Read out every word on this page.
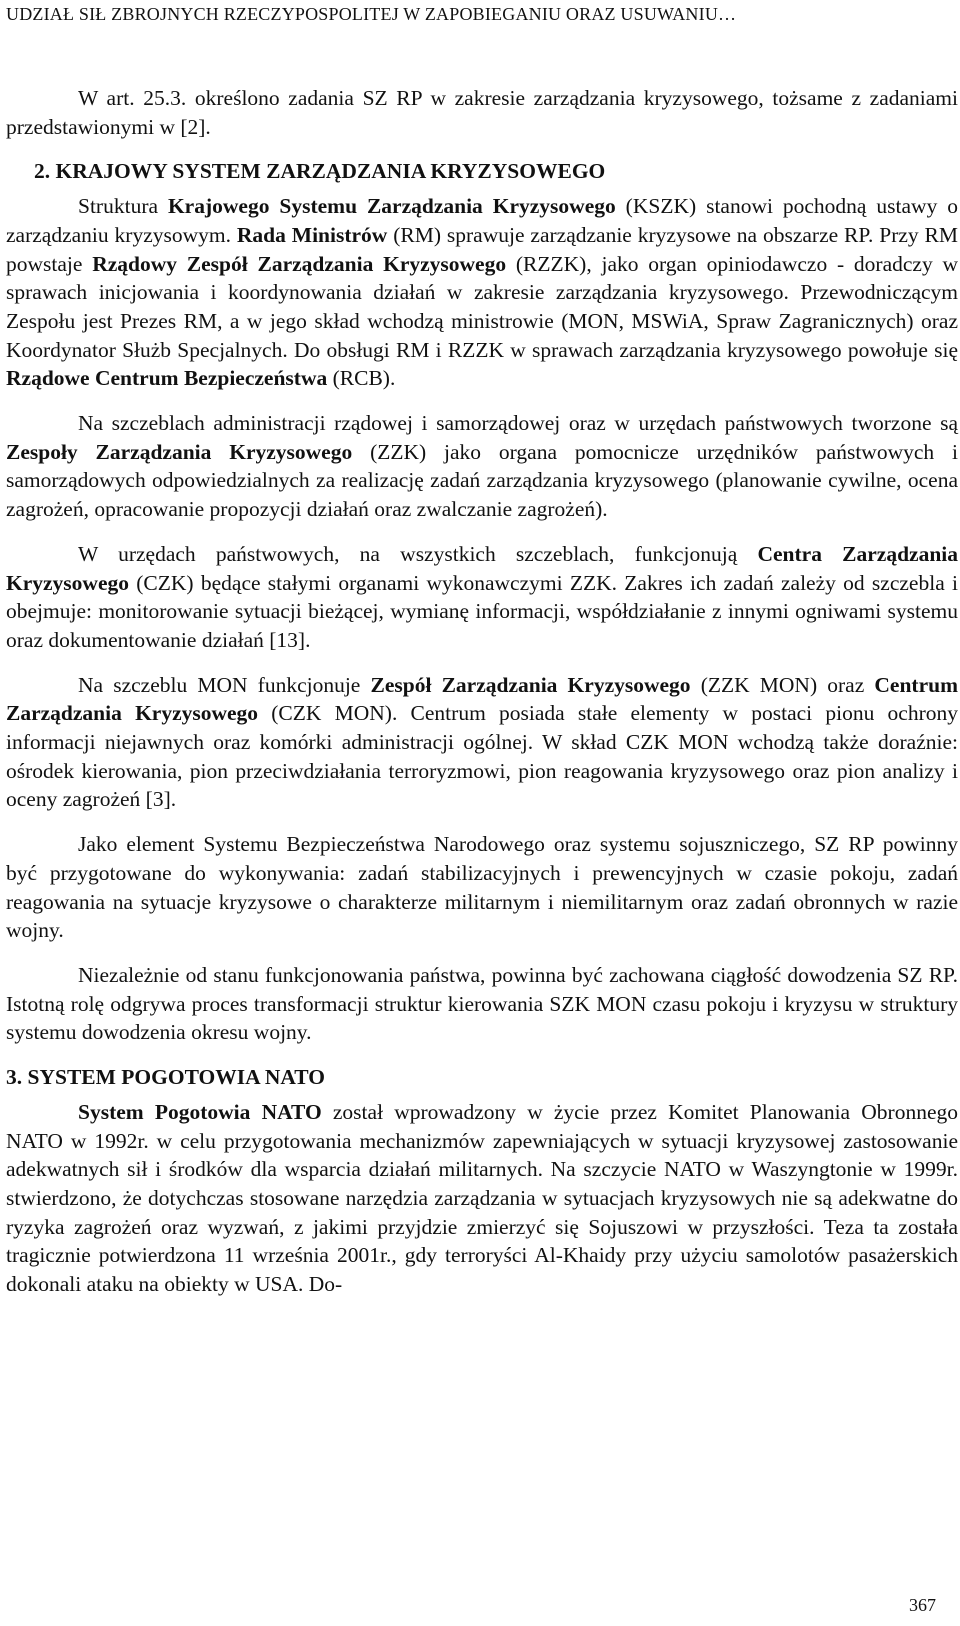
UDZIAŁ SIŁ ZBROJNYCH RZECZYPOSPOLITEJ W ZAPOBIEGANIU ORAZ USUWANIU…

W art. 25.3. określono zadania SZ RP w zakresie zarządzania kryzysowego, tożsame z zadaniami przedstawionymi w [2].

2. KRAJOWY SYSTEM ZARZĄDZANIA KRYZYSOWEGO

Struktura Krajowego Systemu Zarządzania Kryzysowego (KSZK) stanowi pochodną ustawy o zarządzaniu kryzysowym. Rada Ministrów (RM) sprawuje zarządzanie kryzysowe na obszarze RP. Przy RM powstaje Rządowy Zespół Zarządzania Kryzysowego (RZZK), jako organ opiniodawczo - doradczy w sprawach inicjowania i koordynowania działań w zakresie zarządzania kryzysowego. Przewodniczącym Zespołu jest Prezes RM, a w jego skład wchodzą ministrowie (MON, MSWiA, Spraw Zagranicznych) oraz Koordynator Służb Specjalnych. Do obsługi RM i RZZK w sprawach zarządzania kryzysowego powołuje się Rządowe Centrum Bezpieczeństwa (RCB).

Na szczeblach administracji rządowej i samorządowej oraz w urzędach państwowych tworzone są Zespoły Zarządzania Kryzysowego (ZZK) jako organa pomocnicze urzędników państwowych i samorządowych odpowiedzialnych za realizację zadań zarządzania kryzysowego (planowanie cywilne, ocena zagrożeń, opracowanie propozycji działań oraz zwalczanie zagrożeń).

W urzędach państwowych, na wszystkich szczeblach, funkcjonują Centra Zarządzania Kryzysowego (CZK) będące stałymi organami wykonawczymi ZZK. Zakres ich zadań zależy od szczebla i obejmuje: monitorowanie sytuacji bieżącej, wymianę informacji, współdziałanie z innymi ogniwami systemu oraz dokumentowanie działań [13].

Na szczeblu MON funkcjonuje Zespół Zarządzania Kryzysowego (ZZK MON) oraz Centrum Zarządzania Kryzysowego (CZK MON). Centrum posiada stałe elementy w postaci pionu ochrony informacji niejawnych oraz komórki administracji ogólnej. W skład CZK MON wchodzą także doraźnie: ośrodek kierowania, pion przeciwdziałania terroryzmowi, pion reagowania kryzysowego oraz pion analizy i oceny zagrożeń [3].

Jako element Systemu Bezpieczeństwa Narodowego oraz systemu sojuszniczego, SZ RP powinny być przygotowane do wykonywania: zadań stabilizacyjnych i prewencyjnych w czasie pokoju, zadań reagowania na sytuacje kryzysowe o charakterze militarnym i niemilitarnym oraz zadań obronnych w razie wojny.

Niezależnie od stanu funkcjonowania państwa, powinna być zachowana ciągłość dowodzenia SZ RP. Istotną rolę odgrywa proces transformacji struktur kierowania SZK MON czasu pokoju i kryzysu w struktury systemu dowodzenia okresu wojny.

3. SYSTEM POGOTOWIA NATO

System Pogotowia NATO został wprowadzony w życie przez Komitet Planowania Obronnego NATO w 1992r. w celu przygotowania mechanizmów zapewniających w sytuacji kryzysowej zastosowanie adekwatnych sił i środków dla wsparcia działań militarnych. Na szczycie NATO w Waszyngtonie w 1999r. stwierdzono, że dotychczas stosowane narzędzia zarządzania w sytuacjach kryzysowych nie są adekwatne do ryzyka zagrożeń oraz wyzwań, z jakimi przyjdzie zmierzyć się Sojuszowi w przyszłości. Teza ta została tragicznie potwierdzona 11 września 2001r., gdy terroryści Al-Khaidy przy użyciu samolotów pasażerskich dokonali ataku na obiekty w USA. Do-

367
